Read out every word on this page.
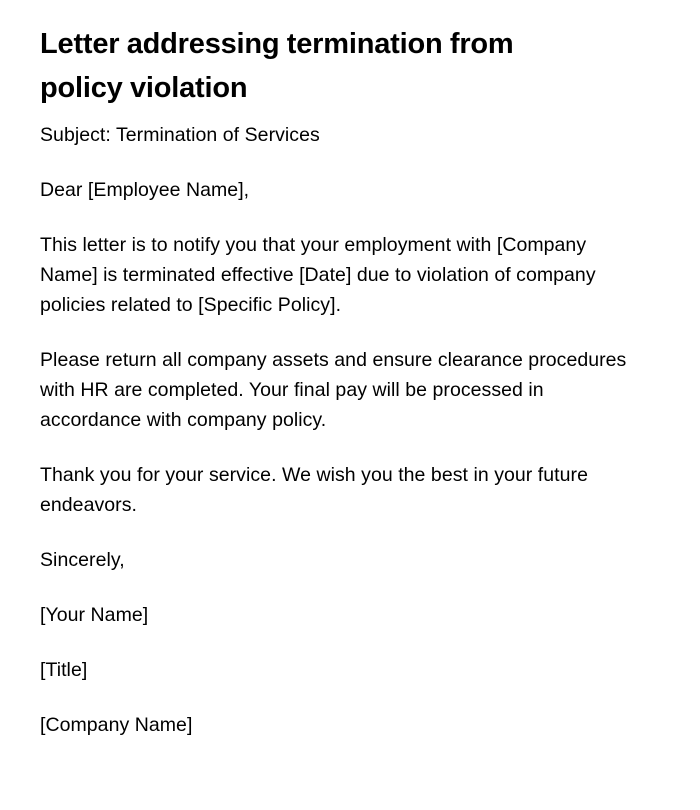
Letter addressing termination from policy violation

Subject: Termination of Services

Dear [Employee Name],

This letter is to notify you that your employment with [Company Name] is terminated effective [Date] due to violation of company policies related to [Specific Policy].

Please return all company assets and ensure clearance procedures with HR are completed. Your final pay will be processed in accordance with company policy.

Thank you for your service. We wish you the best in your future endeavors.

Sincerely,

[Your Name]

[Title]

[Company Name]
